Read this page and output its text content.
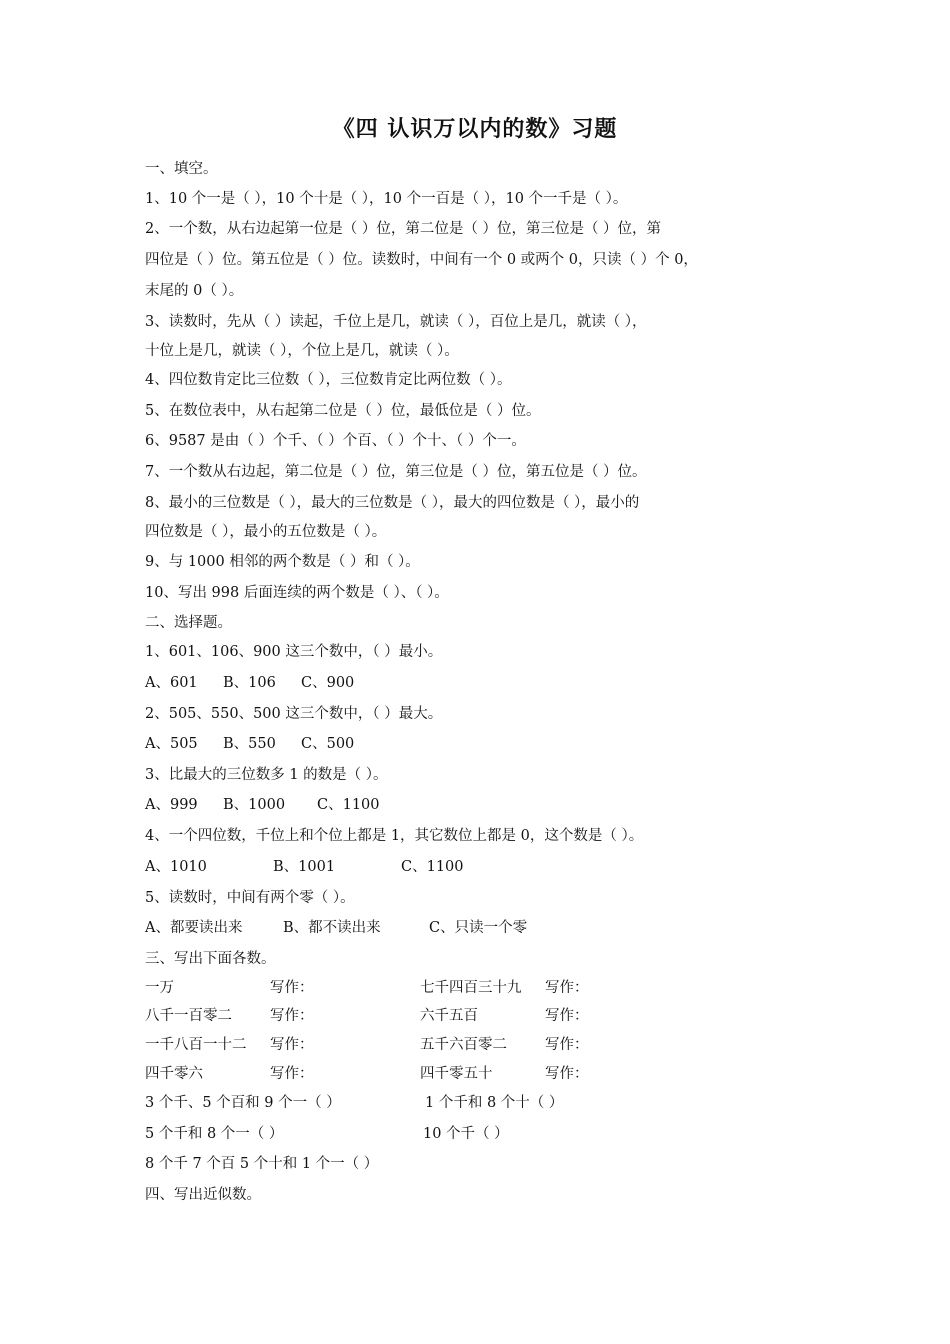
《四 认识万以内的数》习题
一、填空。
1、10 个一是（ ），10 个十是（ ），10 个一百是（ ），10 个一千是（ ）。
2、一个数，从右边起第一位是（ ）位，第二位是（ ）位，第三位是（ ）位，第
四位是（ ）位。第五位是（ ）位。读数时，中间有一个 0 或两个 0，只读（ ）个 0，
末尾的 0（ ）。
3、读数时，先从（ ）读起，千位上是几，就读（ ），百位上是几，就读（ ），
十位上是几，就读（ ），个位上是几，就读（ ）。
4、四位数肯定比三位数（ ），三位数肯定比两位数（ ）。
5、在数位表中，从右起第二位是（ ）位，最低位是（ ）位。
6、9587 是由（ ）个千、（ ）个百、（ ）个十、（ ）个一。
7、一个数从右边起，第二位是（ ）位，第三位是（ ）位，第五位是（ ）位。
8、最小的三位数是（ ），最大的三位数是（ ），最大的四位数是（ ），最小的
四位数是（ ），最小的五位数是（ ）。
9、与 1000 相邻的两个数是（ ）和（ ）。
10、写出 998 后面连续的两个数是（ ）、（ ）。
二、选择题。
1、601、106、900 这三个数中，（ ）最小。
A、601 B、106 C、900
2、505、550、500 这三个数中，（ ）最大。
A、505 B、550 C、500
3、比最大的三位数多 1 的数是（ ）。
A、999 B、1000 C、1100
4、一个四位数，千位上和个位上都是 1，其它数位上都是 0，这个数是（ ）。
A、1010	B、1001	C、1100
5、读数时，中间有两个零（ ）。
A、都要读出来	B、都不读出来	C、只读一个零
三、写出下面各数。
一万	写作：	七千四百三十九 写作：
八千一百零二	写作：	六千五百	写作：
一千八百一十二 写作：	五千六百零二	写作：
四千零六	写作：	四千零五十	写作：
3 个千、5 个百和 9 个一（ ）	1 个千和 8 个十（ ）
5 个千和 8 个一（ ）	10 个千（ ）
8 个千 7 个百 5 个十和 1 个一（ ）
四、写出近似数。
